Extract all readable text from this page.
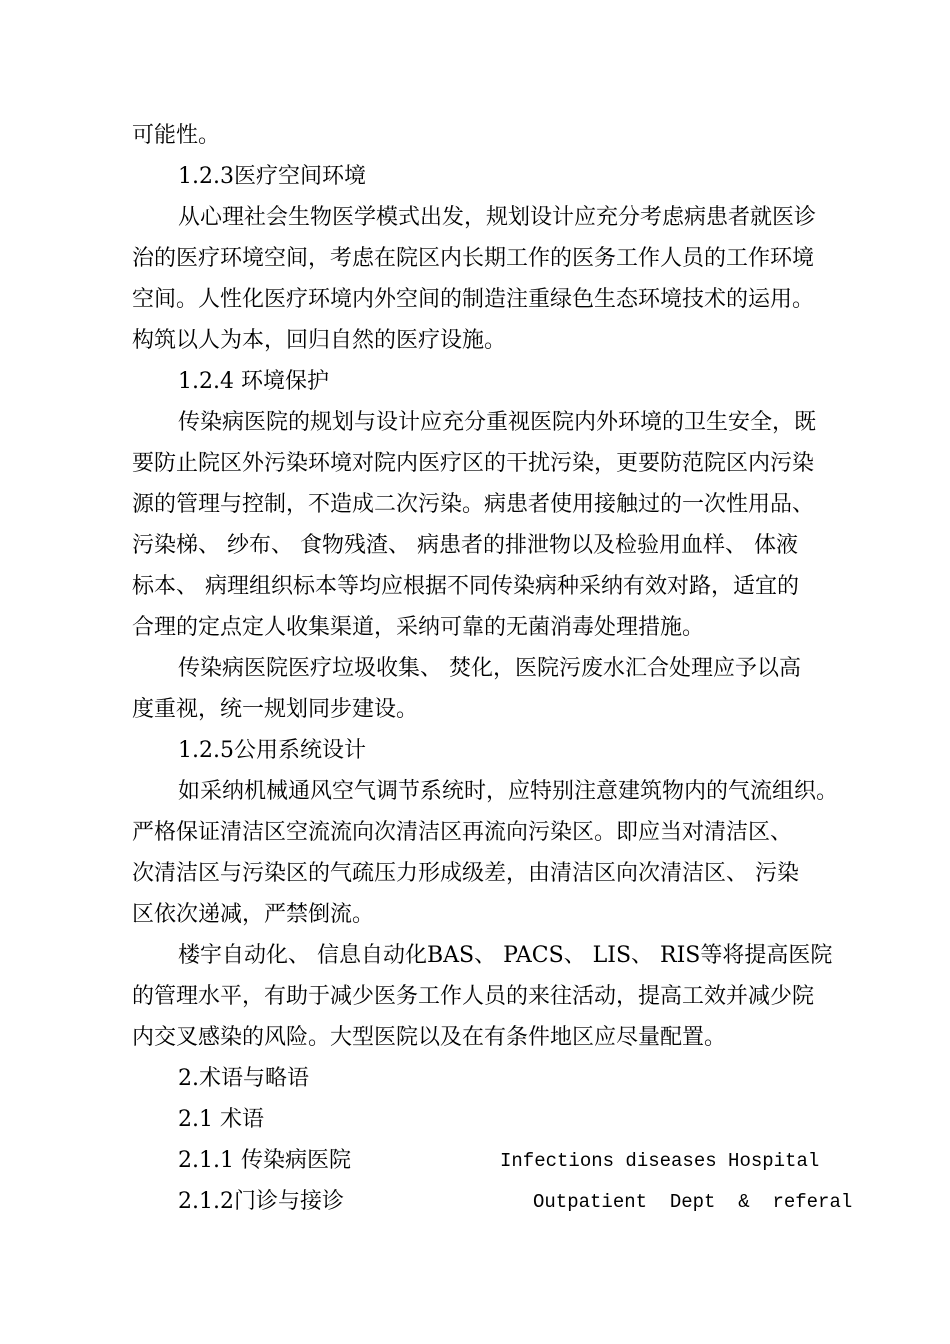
可能性。
1.2.3医疗空间环境
从心理社会生物医学模式出发，规划设计应充分考虑病患者就医诊
治的医疗环境空间，考虑在院区内长期工作的医务工作人员的工作环境
空间。人性化医疗环境内外空间的制造注重绿色生态环境技术的运用。
构筑以人为本，回归自然的医疗设施。
1.2.4 环境保护
传染病医院的规划与设计应充分重视医院内外环境的卫生安全，既
要防止院区外污染环境对院内医疗区的干扰污染，更要防范院区内污染
源的管理与控制，不造成二次污染。病患者使用接触过的一次性用品、
污染梯、 纱布、 食物残渣、 病患者的排泄物以及检验用血样、 体液
标本、 病理组织标本等均应根据不同传染病种采纳有效对路，适宜的
合理的定点定人收集渠道，采纳可靠的无菌消毒处理措施。
传染病医院医疗垃圾收集、 焚化，医院污废水汇合处理应予以高
度重视，统一规划同步建设。
1.2.5公用系统设计
如采纳机械通风空气调节系统时，应特别注意建筑物内的气流组织。
严格保证清洁区空流流向次清洁区再流向污染区。即应当对清洁区、
次清洁区与污染区的气疏压力形成级差，由清洁区向次清洁区、 污染
区依次递减，严禁倒流。
楼宇自动化、 信息自动化BAS、 PACS、 LIS、 RIS等将提高医院
的管理水平，有助于减少医务工作人员的来往活动，提高工效并减少院
内交叉感染的风险。大型医院以及在有条件地区应尽量配置。
2.术语与略语
2.1 术语
2.1.1 传染病医院	Infections diseases Hospital
2.1.2门诊与接诊	Outpatient  Dept  &  referal
